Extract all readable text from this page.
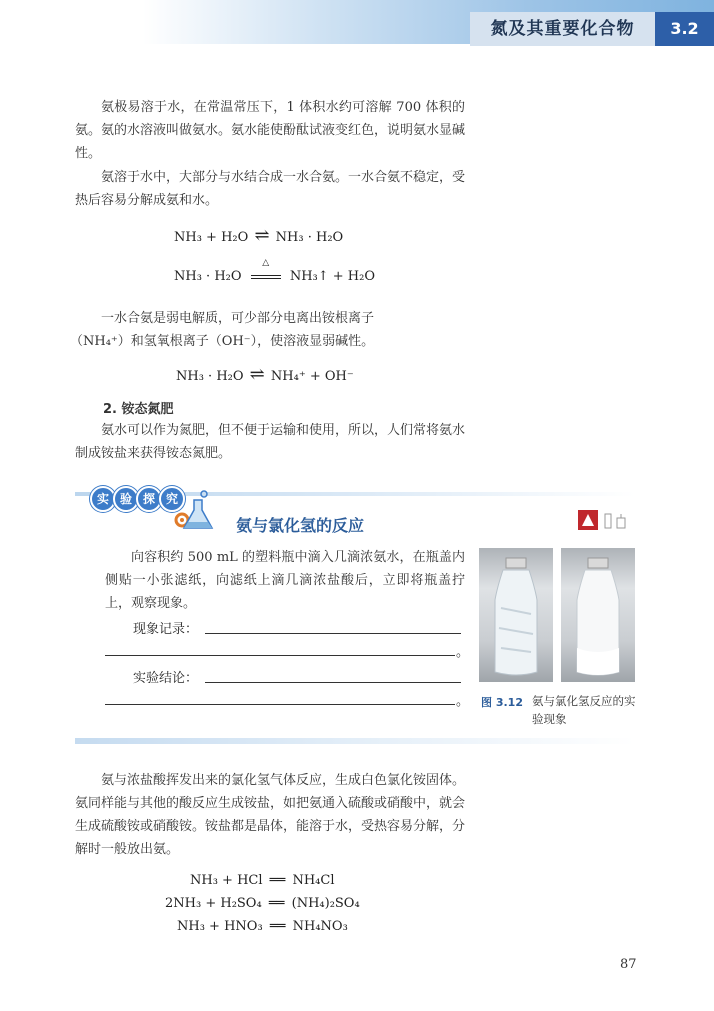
氮及其重要化合物	3.2

氨极易溶于水，在常温常压下，1 体积水约可溶解 700 体积的氨。氨的水溶液叫做氨水。氨水能使酚酞试液变红色，说明氨水显碱性。

氨溶于水中，大部分与水结合成一水合氨。一水合氨不稳定，受热后容易分解成氨和水。

NH₃ + H₂O ⇌ NH₃ · H₂O
NH₃ · H₂O
△
NH₃↑ + H₂O

一水合氨是弱电解质，可少部分电离出铵根离子

（NH₄⁺）和氢氧根离子（OH⁻），使溶液显弱碱性。

NH₃ · H₂O ⇌ NH₄⁺ + OH⁻
2. 铵态氮肥

氨水可以作为氮肥，但不便于运输和使用，所以，人们常将氨水制成铵盐来获得铵态氮肥。

实 验 探 究
氨与氯化氢的反应

向容积约 500 mL 的塑料瓶中滴入几滴浓氨水，在瓶盖内侧贴一小张滤纸，向滤纸上滴几滴浓盐酸后，立即将瓶盖拧上，观察现象。

现象记录：
。
实验结论：
。 图 3.12 氨与氯化氢反应的实验现象

氨与浓盐酸挥发出来的氯化氢气体反应，生成白色氯化铵固体。氨同样能与其他的酸反应生成铵盐，如把氨通入硫酸或硝酸中，就会生成硫酸铵或硝酸铵。铵盐都是晶体，能溶于水，受热容易分解，分解时一般放出氨。

NH₃ + HCl ══ NH₄Cl
2NH₃ + H₂SO₄ ══ (NH₄)₂SO₄
NH₃ + HNO₃ ══ NH₄NO₃
87
